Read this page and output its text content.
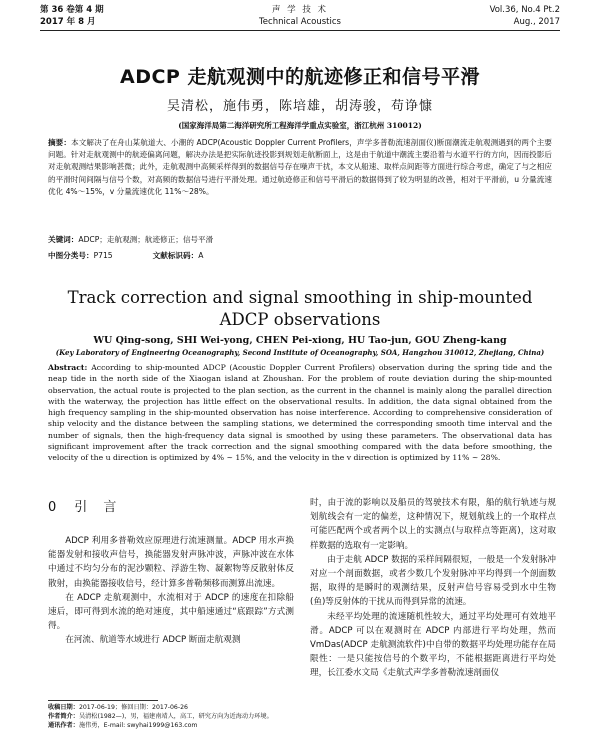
第 36 卷第 4 期
2017 年 8 月
声 学 技 术
Technical Acoustics
Vol.36, No.4 Pt.2
Aug., 2017
ADCP 走航观测中的航迹修正和信号平滑
吴清松，施伟勇，陈培雄，胡涛骏，苟诤慷
(国家海洋局第二海洋研究所工程海洋学重点实验室，浙江杭州 310012)
摘要：本文解决了在舟山某航道大、小潮的 ADCP(Acoustic Doppler Current Profilers，声学多普勒流速剖面仪)断面潮流走航观测遇到的两个主要问题。针对走航观测中的航迹偏离问题，解决办法是把实际航迹投影到规划走航断面上，这是由于航道中潮流主要沿着与水道平行的方向，因而投影后对走航观测结果影响甚微；此外，走航观测中高频采样得到的数据信号存在噪声干扰，本文从船速、取样点间距等方面进行综合考虑，确定了与之相应的平滑时间间隔与信号个数，对高频的数据信号进行平滑处理。通过航迹修正和信号平滑后的数据得到了较为明显的改善，相对于平滑前，u 分量流速优化 4%～15%，v 分量流速优化 11%～28%。
关键词：ADCP；走航观测；航迹修正；信号平滑
中图分类号：P715	文献标识码：A
Track correction and signal smoothing in ship-mounted ADCP observations
WU Qing-song, SHI Wei-yong, CHEN Pei-xiong, HU Tao-jun, GOU Zheng-kang
(Key Laboratory of Engineering Oceanography, Second Institute of Oceanography, SOA, Hangzhou 310012, Zhejiang, China)
Abstract: According to ship-mounted ADCP (Acoustic Doppler Current Profilers) observation during the spring tide and the neap tide in the north side of the Xiaogan island at Zhoushan. For the problem of route deviation during the ship-mounted observation, the actual route is projected to the plan section, as the current in the channel is mainly along the parallel direction with the waterway, the projection has little effect on the observational results. In addition, the data signal obtained from the high frequency sampling in the ship-mounted observation has noise interference. According to comprehensive consideration of ship velocity and the distance between the sampling stations, we determined the corresponding smooth time interval and the number of signals, then the high-frequency data signal is smoothed by using these parameters. The observational data has significant improvement after the track correction and the signal smoothing compared with the data before smoothing, the velocity of the u direction is optimized by 4% ~ 15%, and the velocity in the v direction is optimized by 11% ~ 28%.
0 引 言

ADCP 利用多普勒效应原理进行流速测量。ADCP 用水声换能器发射和接收声信号，换能器发射声脉冲波，声脉冲波在水体中通过不均匀分布的泥沙颗粒、浮游生物、凝絮物等反散射体反散射，由换能器接收信号，经计算多普勒频移而测算出流速。

在 ADCP 走航观测中，水流相对于 ADCP 的速度在扣除船速后，即可得到水流的绝对速度，其中船速通过“底跟踪”方式测得。

在河流、航道等水域进行 ADCP 断面走航观测

时，由于流的影响以及船员的驾驶技术有限，船的航行轨迹与规划航线会有一定的偏差，这种情况下，规划航线上的一个取样点可能匹配两个或者两个以上的实测点(与取样点等距离)，这对取样数据的选取有一定影响。

由于走航 ADCP 数据的采样间隔很短，一般是一个发射脉冲对应一个剖面数据，或者少数几个发射脉冲平均得到一个剖面数据，取得的是瞬时的观测结果，反射声信号容易受到水中生物(鱼)等反射体的干扰从而得到异常的流速。

未经平均处理的流速随机性较大，通过平均处理可有效地平滑。ADCP 可以在观测时在 ADCP 内部进行平均处理，然而 VmDas(ADCP 走航测流软件)中自带的数据平均处理功能存在局限性：一是只能按信号的个数平均，不能根据距离进行平均处理，长江委水文局《走航式声学多普勒流速剖面仪

收稿日期：2017-06-19；修回日期：2017-06-26
作者简介：吴清松(1982—)，男，福建南靖人，高工，研究方向为近海动力环境。
通讯作者：施伟勇，E-mail: swyhai1999@163.com
